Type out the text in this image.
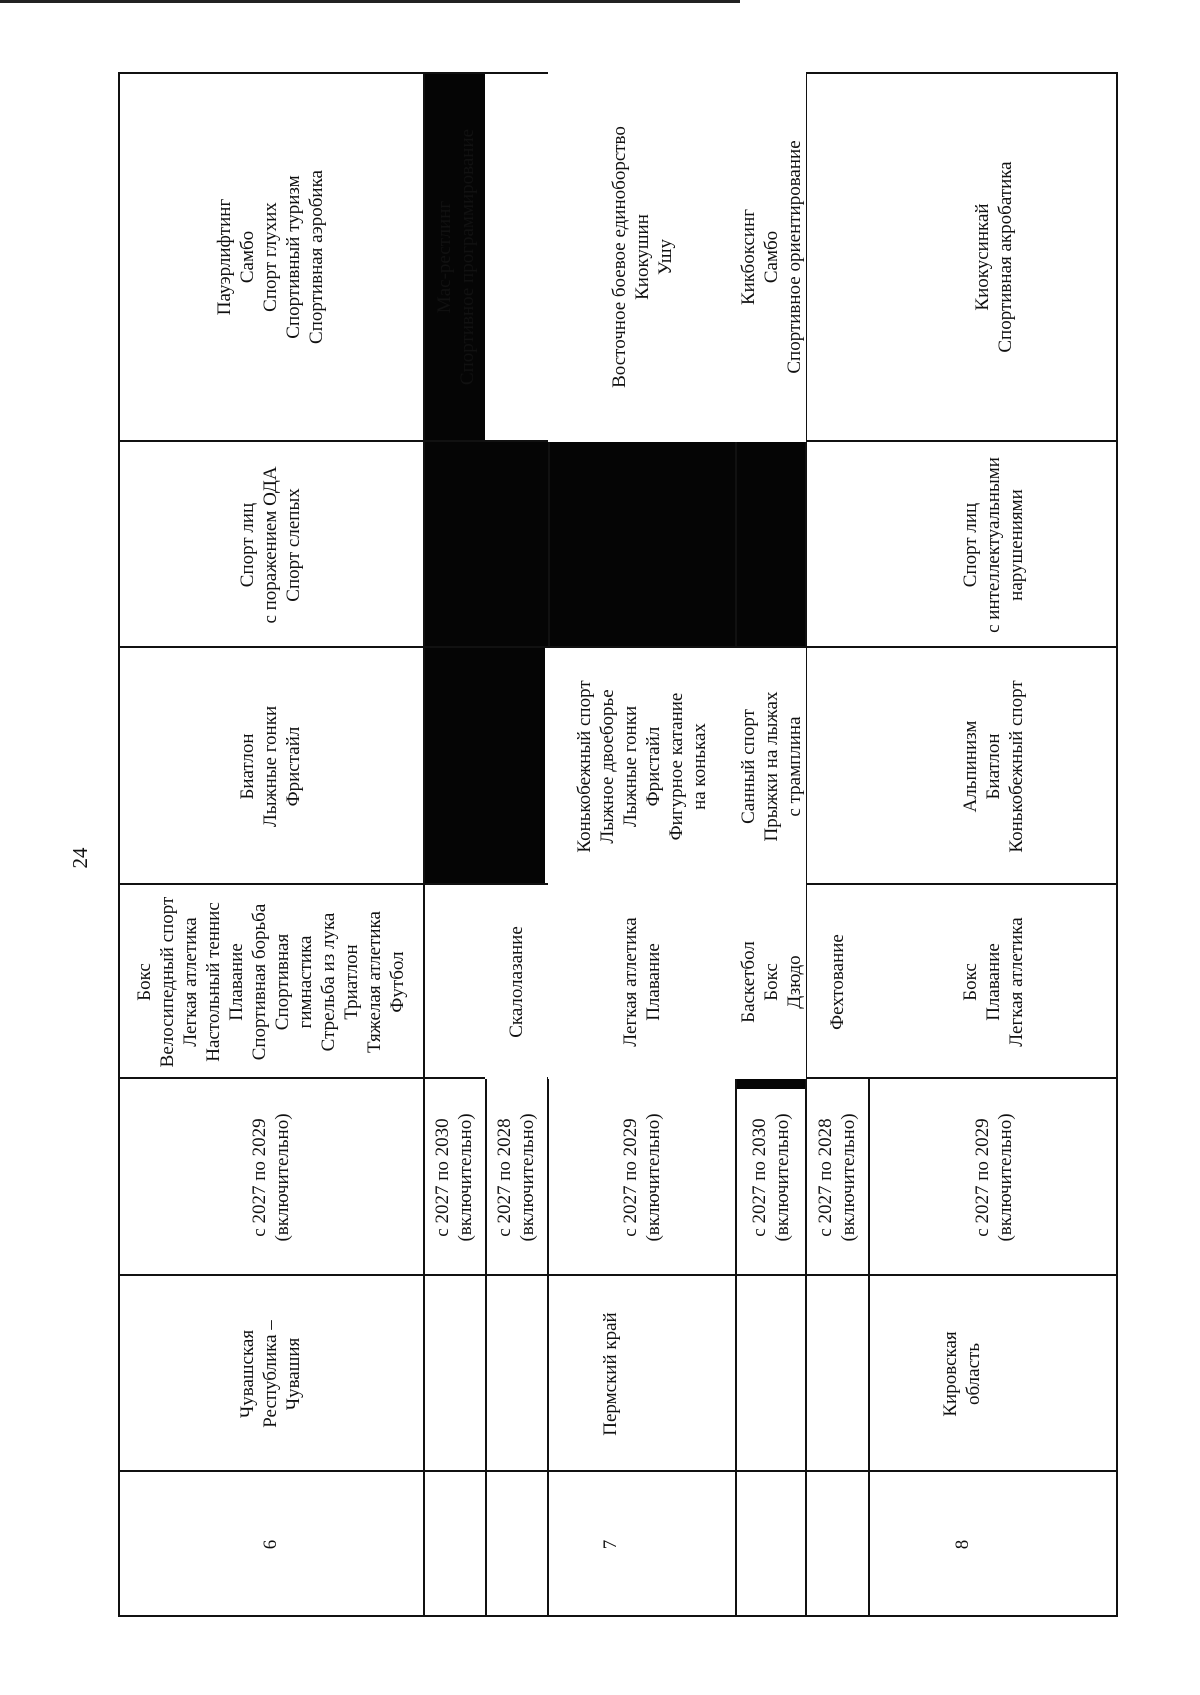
24
6
Чувашская
Республика –
Чувашия
с 2027 по 2029
(включительно)
Бокс
Велосипедный спорт
Легкая атлетика
Настольный теннис
Плавание
Спортивная борьба
Спортивная
гимнастика
Стрельба из лука
Триатлон
Тяжелая атлетика
Футбол
Биатлон
Лыжные гонки
Фристайл
Спорт лиц
с поражением ОДА
Спорт слепых
Пауэрлифтинг
Самбо
Спорт глухих
Спортивный туризм
Спортивная аэробика
с 2027 по 2030
(включительно)
Мас-рестлинг
Спортивное программирование
7
Пермский край
с 2027 по 2028
(включительно)
Скалолазание
с 2027 по 2029
(включительно)
Легкая атлетика
Плавание
Конькобежный спорт
Лыжное двоеборье
Лыжные гонки
Фристайл
Фигурное катание
на коньках
Восточное боевое единоборство
Киокушин
Ушу
с 2027 по 2030
(включительно)
Баскетбол
Бокс
Дзюдо
Санный спорт
Прыжки на лыжах
с трамплина
Кикбоксинг
Самбо
Спортивное ориентирование
8
Кировская
область
с 2027 по 2028
(включительно)
Фехтование
с 2027 по 2029
(включительно)
Бокс
Плавание
Легкая атлетика
Альпинизм
Биатлон
Конькобежный спорт
Спорт лиц
с интеллектуальными
нарушениями
Киокусинкай
Спортивная акробатика
